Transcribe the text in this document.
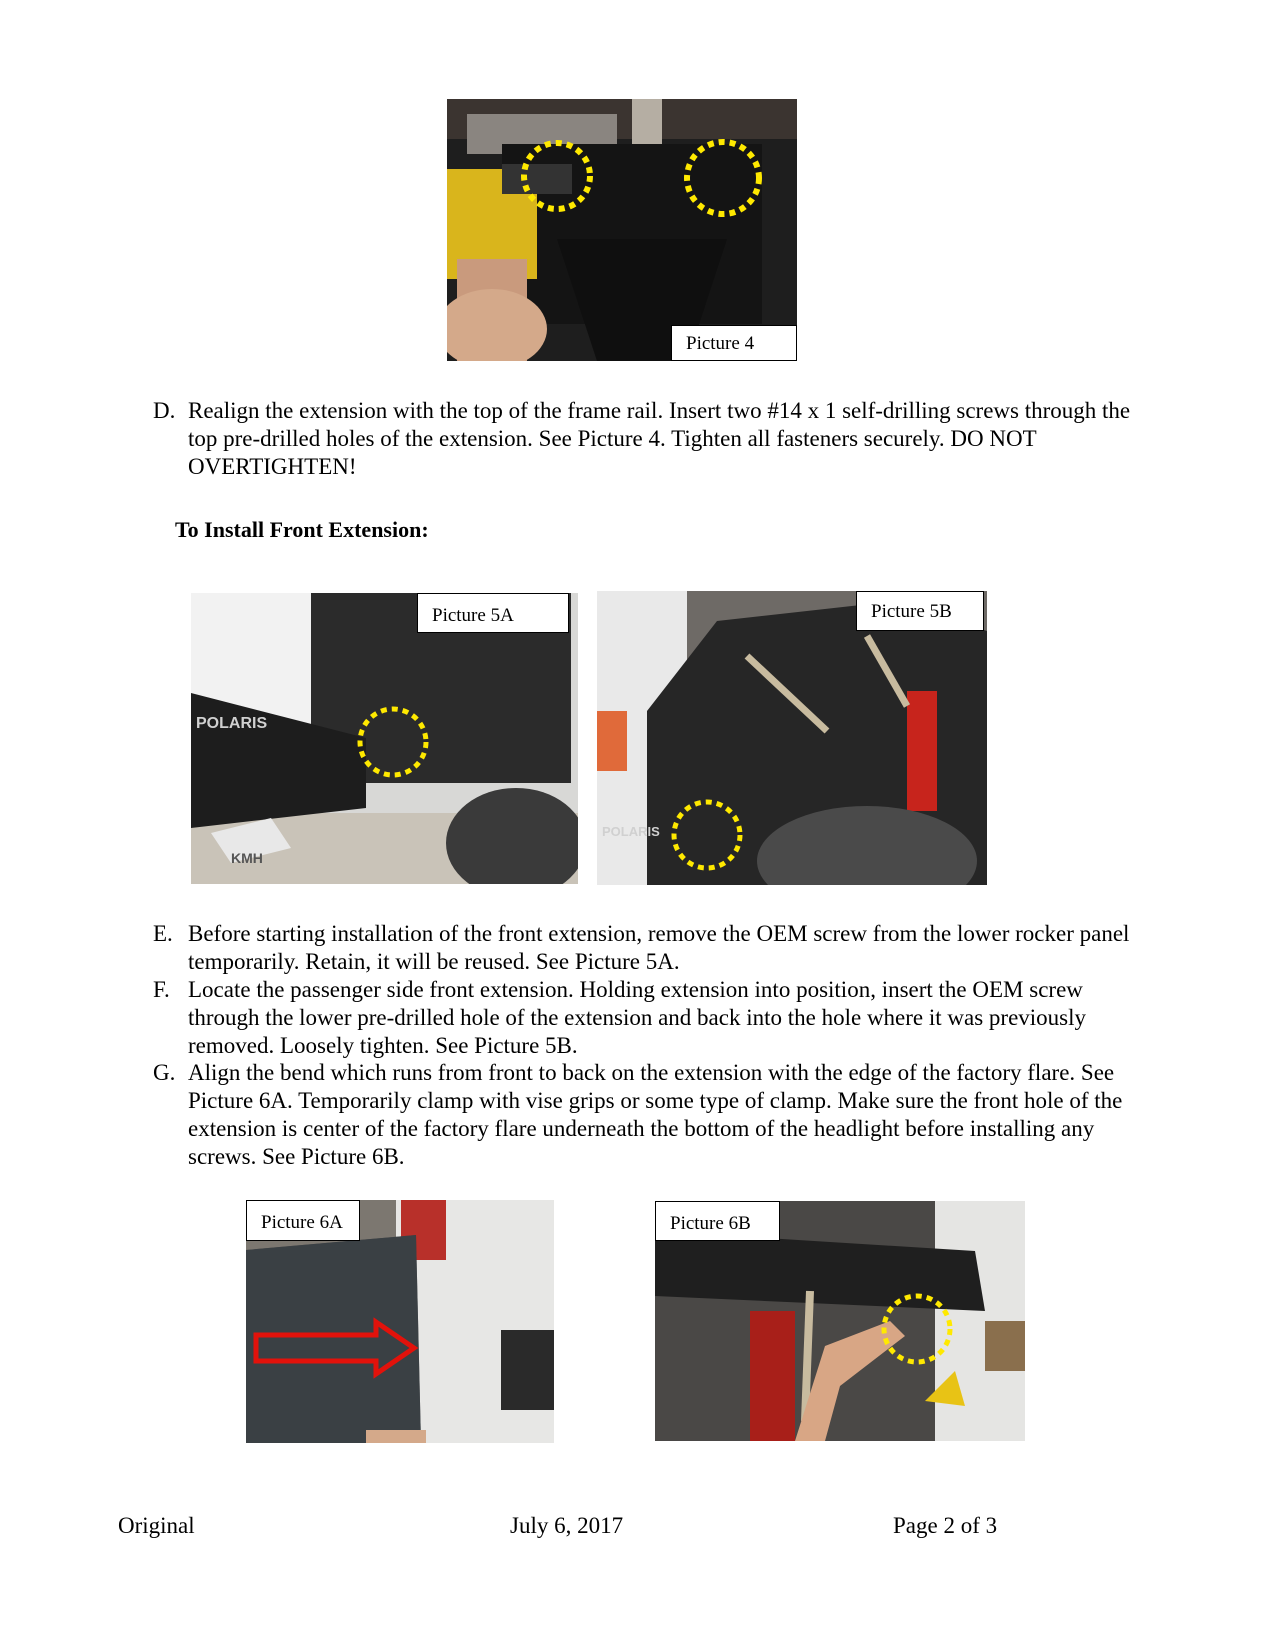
Picture 4
D. Realign the extension with the top of the frame rail. Insert two #14 x 1 self-drilling screws through the top pre-drilled holes of the extension. See Picture 4. Tighten all fasteners securely. DO NOT OVERTIGHTEN!
To Install Front Extension:
POLARIS
KMH
Picture 5A
POLARIS
Picture 5B
E. Before starting installation of the front extension, remove the OEM screw from the lower rocker panel temporarily. Retain, it will be reused. See Picture 5A.
F. Locate the passenger side front extension. Holding extension into position, insert the OEM screw through the lower pre-drilled hole of the extension and back into the hole where it was previously removed. Loosely tighten. See Picture 5B.
G. Align the bend which runs from front to back on the extension with the edge of the factory flare. See Picture 6A. Temporarily clamp with vise grips or some type of clamp. Make sure the front hole of the extension is center of the factory flare underneath the bottom of the headlight before installing any screws. See Picture 6B.
Picture 6A	Picture 6B
Original	July 6, 2017	Page 2 of 3
